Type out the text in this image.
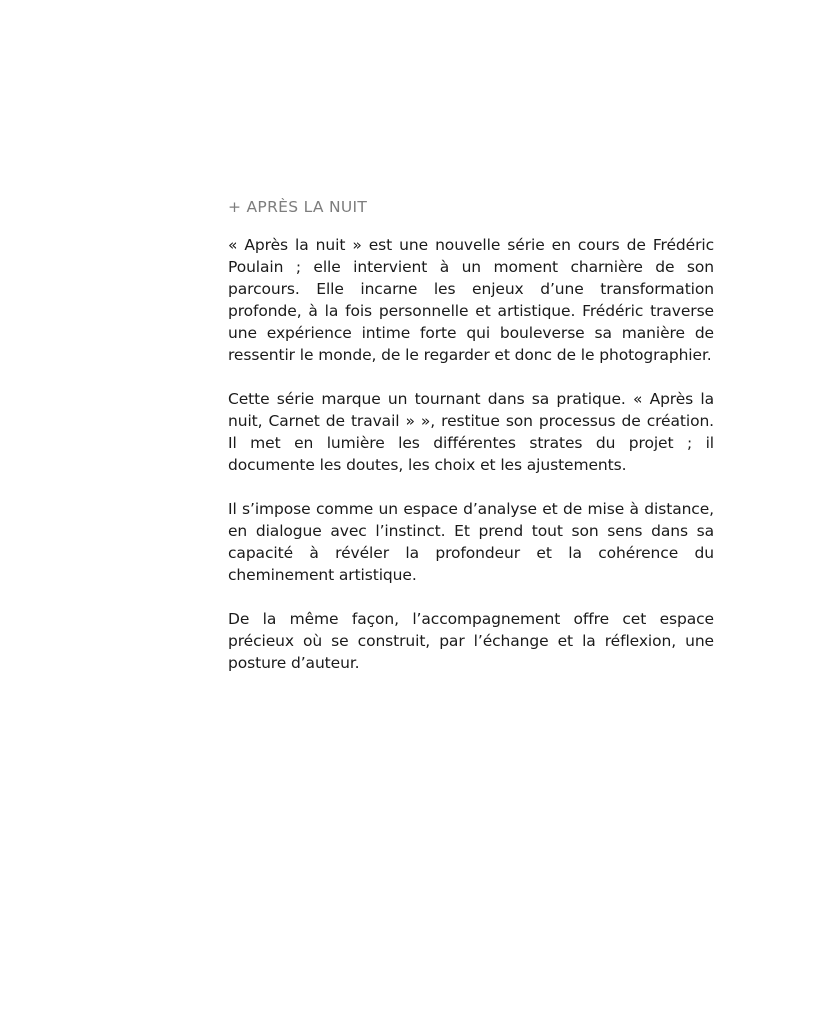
+ APRÈS LA NUIT

« Après la nuit » est une nouvelle série en cours de Frédéric Poulain ; elle intervient à un moment charnière de son parcours. Elle incarne les enjeux d’une transformation profonde, à la fois personnelle et artistique. Frédéric traverse une expérience intime forte qui bouleverse sa manière de ressentir le monde, de le regarder et donc de le photographier.

Cette série marque un tournant dans sa pratique. « Après la nuit, Carnet de travail » », restitue son processus de création. Il met en lumière les différentes strates du projet ; il documente les doutes, les choix et les ajustements.

Il s’impose comme un espace d’analyse et de mise à distance, en dialogue avec l’instinct. Et prend tout son sens dans sa capacité à révéler la profondeur et la cohérence du cheminement artistique.

De la même façon, l’accompagnement offre cet espace précieux où se construit, par l’échange et la réflexion, une posture d’auteur.
